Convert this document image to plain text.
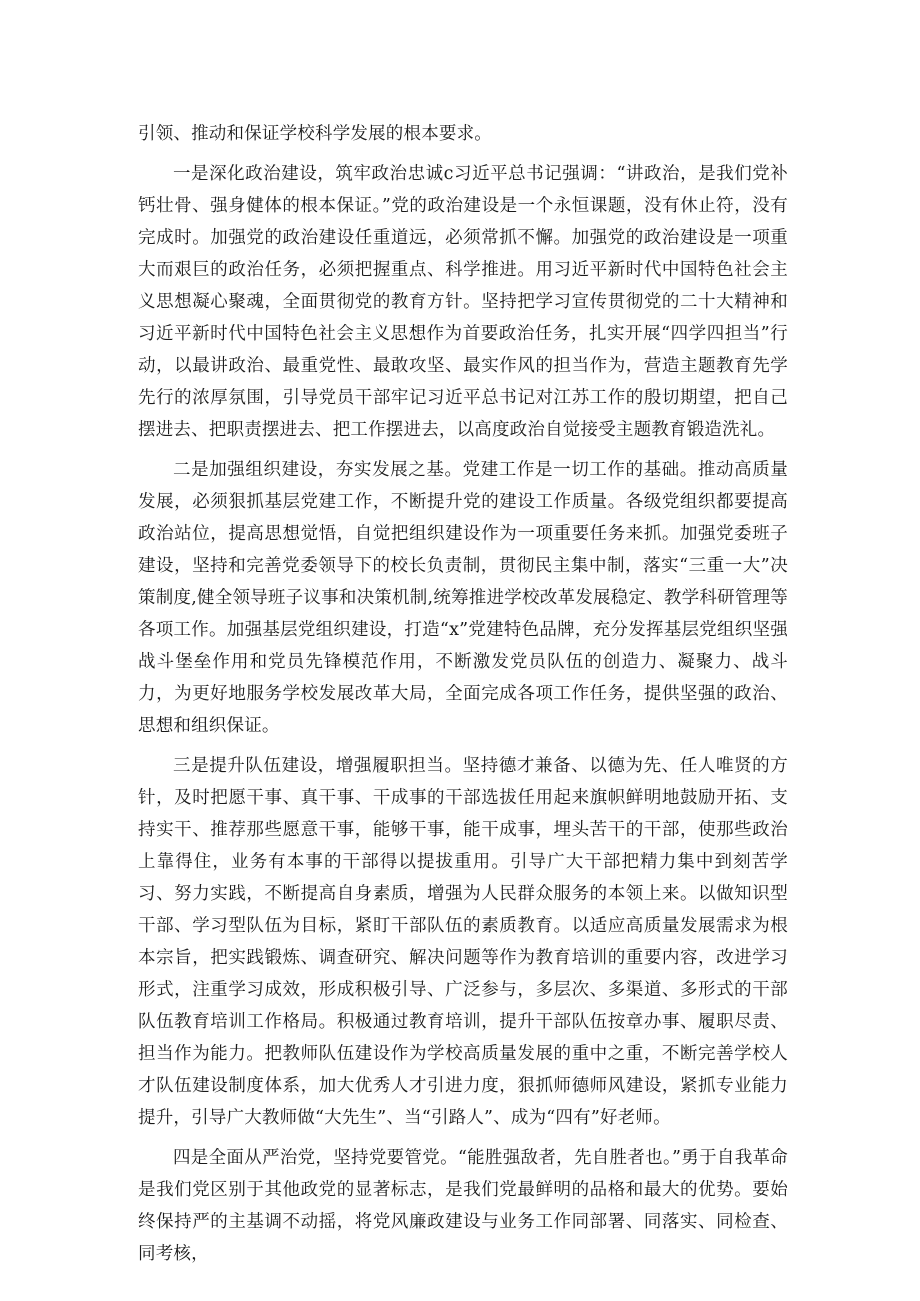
引领、推动和保证学校科学发展的根本要求。

一是深化政治建设，筑牢政治忠诚c习近平总书记强调：“讲政治，是我们党补钙壮骨、强身健体的根本保证。”党的政治建设是一个永恒课题，没有休止符，没有完成时。加强党的政治建设任重道远，必须常抓不懈。加强党的政治建设是一项重大而艰巨的政治任务，必须把握重点、科学推进。用习近平新时代中国特色社会主义思想凝心聚魂，全面贯彻党的教育方针。坚持把学习宣传贯彻党的二十大精神和习近平新时代中国特色社会主义思想作为首要政治任务，扎实开展“四学四担当”行动，以最讲政治、最重党性、最敢攻坚、最实作风的担当作为，营造主题教育先学先行的浓厚氛围，引导党员干部牢记习近平总书记对江苏工作的殷切期望，把自己摆进去、把职责摆进去、把工作摆进去，以高度政治自觉接受主题教育锻造洗礼。

二是加强组织建设，夯实发展之基。党建工作是一切工作的基础。推动高质量发展，必须狠抓基层党建工作，不断提升党的建设工作质量。各级党组织都要提高政治站位，提高思想觉悟，自觉把组织建设作为一项重要任务来抓。加强党委班子建设，坚持和完善党委领导下的校长负责制，贯彻民主集中制，落实“三重一大”决策制度,健全领导班子议事和决策机制,统筹推进学校改革发展稳定、教学科研管理等各项工作。加强基层党组织建设，打造“x”党建特色品牌，充分发挥基层党组织坚强战斗堡垒作用和党员先锋模范作用，不断激发党员队伍的创造力、凝聚力、战斗力，为更好地服务学校发展改革大局，全面完成各项工作任务，提供坚强的政治、思想和组织保证。

三是提升队伍建设，增强履职担当。坚持德才兼备、以德为先、任人唯贤的方针，及时把愿干事、真干事、干成事的干部选拔任用起来旗帜鲜明地鼓励开拓、支持实干、推荐那些愿意干事，能够干事，能干成事，埋头苦干的干部，使那些政治上靠得住，业务有本事的干部得以提拔重用。引导广大干部把精力集中到刻苦学习、努力实践，不断提高自身素质，增强为人民群众服务的本领上来。以做知识型干部、学习型队伍为目标，紧盯干部队伍的素质教育。以适应高质量发展需求为根本宗旨，把实践锻炼、调查研究、解决问题等作为教育培训的重要内容，改进学习形式，注重学习成效，形成积极引导、广泛参与，多层次、多渠道、多形式的干部队伍教育培训工作格局。积极通过教育培训，提升干部队伍按章办事、履职尽责、担当作为能力。把教师队伍建设作为学校高质量发展的重中之重，不断完善学校人才队伍建设制度体系，加大优秀人才引进力度，狠抓师德师风建设，紧抓专业能力提升，引导广大教师做“大先生”、当“引路人”、成为“四有”好老师。

四是全面从严治党，坚持党要管党。“能胜强敌者，先自胜者也。”勇于自我革命是我们党区别于其他政党的显著标志，是我们党最鲜明的品格和最大的优势。要始终保持严的主基调不动摇，将党风廉政建设与业务工作同部署、同落实、同检查、同考核，
